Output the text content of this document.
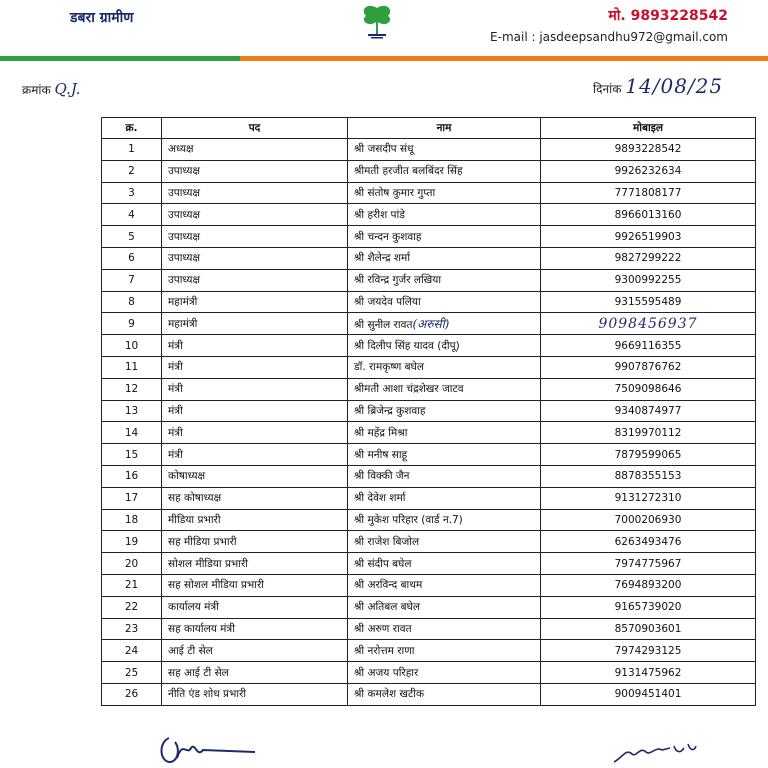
डबरा ग्रामीण	मो. 9893228542
E-mail : jasdeepsandhu972@gmail.com
क्रमांक Q.J.	दिनांक 14/08/25
क्र.	पद	नाम	मोबाइल
1	अध्यक्ष	श्री जसदीप संधू	9893228542
2	उपाध्यक्ष	श्रीमती हरजीत बलबिंदर सिंह	9926232634
3	उपाध्यक्ष	श्री संतोष कुमार गुप्ता	7771808177
4	उपाध्यक्ष	श्री हरीश पांडे	8966013160
5	उपाध्यक्ष	श्री चन्दन कुशवाह	9926519903
6	उपाध्यक्ष	श्री शैलेन्द्र शर्मा	9827299222
7	उपाध्यक्ष	श्री रविन्द्र गुर्जर लखिया	9300992255
8	महामंत्री	श्री जयदेव पलिया	9315595489
9	महामंत्री	श्री सुनील रावत(अरुसी)	9098456937
10	मंत्री	श्री दिलीप सिंह यादव (दीपू)	9669116355
11	मंत्री	डॉ. रामकृष्ण बघेल	9907876762
12	मंत्री	श्रीमती आशा चंद्रशेखर जाटव	7509098646
13	मंत्री	श्री ब्रिजेन्द्र कुशवाह	9340874977
14	मंत्री	श्री महेंद्र मिश्रा	8319970112
15	मंत्री	श्री मनीष साहू	7879599065
16	कोषाध्यक्ष	श्री विक्की जैन	8878355153
17	सह कोषाध्यक्ष	श्री देवेश शर्मा	9131272310
18	मीडिया प्रभारी	श्री मुकेश परिहार (वार्ड न.7)	7000206930
19	सह मीडिया प्रभारी	श्री राजेश बिजोल	6263493476
20	सोशल मीडिया प्रभारी	श्री संदीप बघेल	7974775967
21	सह सोशल मीडिया प्रभारी	श्री अरविन्द बाथम	7694893200
22	कार्यालय मंत्री	श्री अतिबल बघेल	9165739020
23	सह कार्यालय मंत्री	श्री अरुण रावत	8570903601
24	आई टी सेल	श्री नरोत्तम राणा	7974293125
25	सह आई टी सेल	श्री अजय परिहार	9131475962
26	नीति एंड शोध प्रभारी	श्री कमलेश खटीक	9009451401
